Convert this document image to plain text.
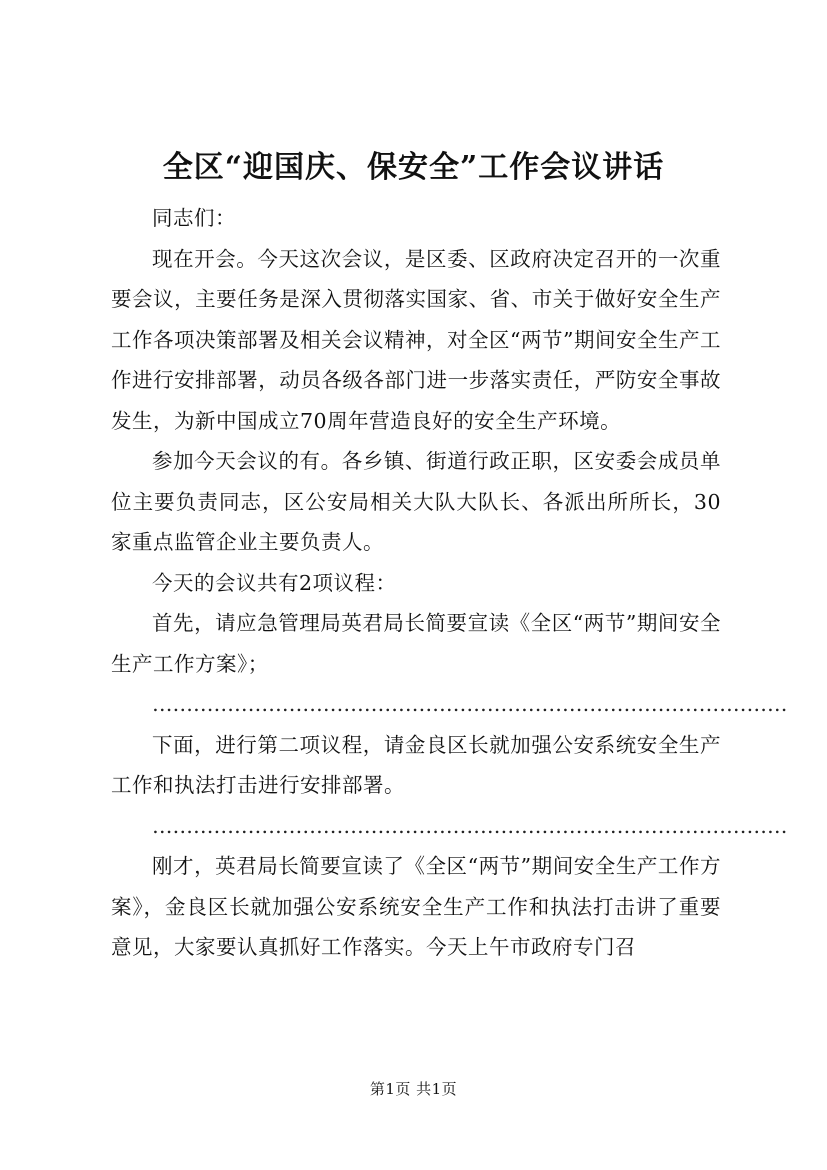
全区“迎国庆、保安全”工作会议讲话

同志们：

现在开会。今天这次会议，是区委、区政府决定召开的一次重要会议，主要任务是深入贯彻落实国家、省、市关于做好安全生产工作各项决策部署及相关会议精神，对全区“两节”期间安全生产工作进行安排部署，动员各级各部门进一步落实责任，严防安全事故发生，为新中国成立70周年营造良好的安全生产环境。

参加今天会议的有。各乡镇、街道行政正职，区安委会成员单位主要负责同志，区公安局相关大队大队长、各派出所所长，30家重点监管企业主要负责人。

今天的会议共有2项议程：

首先，请应急管理局英君局长简要宣读《全区“两节”期间安全生产工作方案》；

…………………………………………………………………………………

下面，进行第二项议程，请金良区长就加强公安系统安全生产工作和执法打击进行安排部署。

…………………………………………………………………………………

刚才，英君局长简要宣读了《全区“两节”期间安全生产工作方案》，金良区长就加强公安系统安全生产工作和执法打击讲了重要意见，大家要认真抓好工作落实。今天上午市政府专门召

第1页 共1页
